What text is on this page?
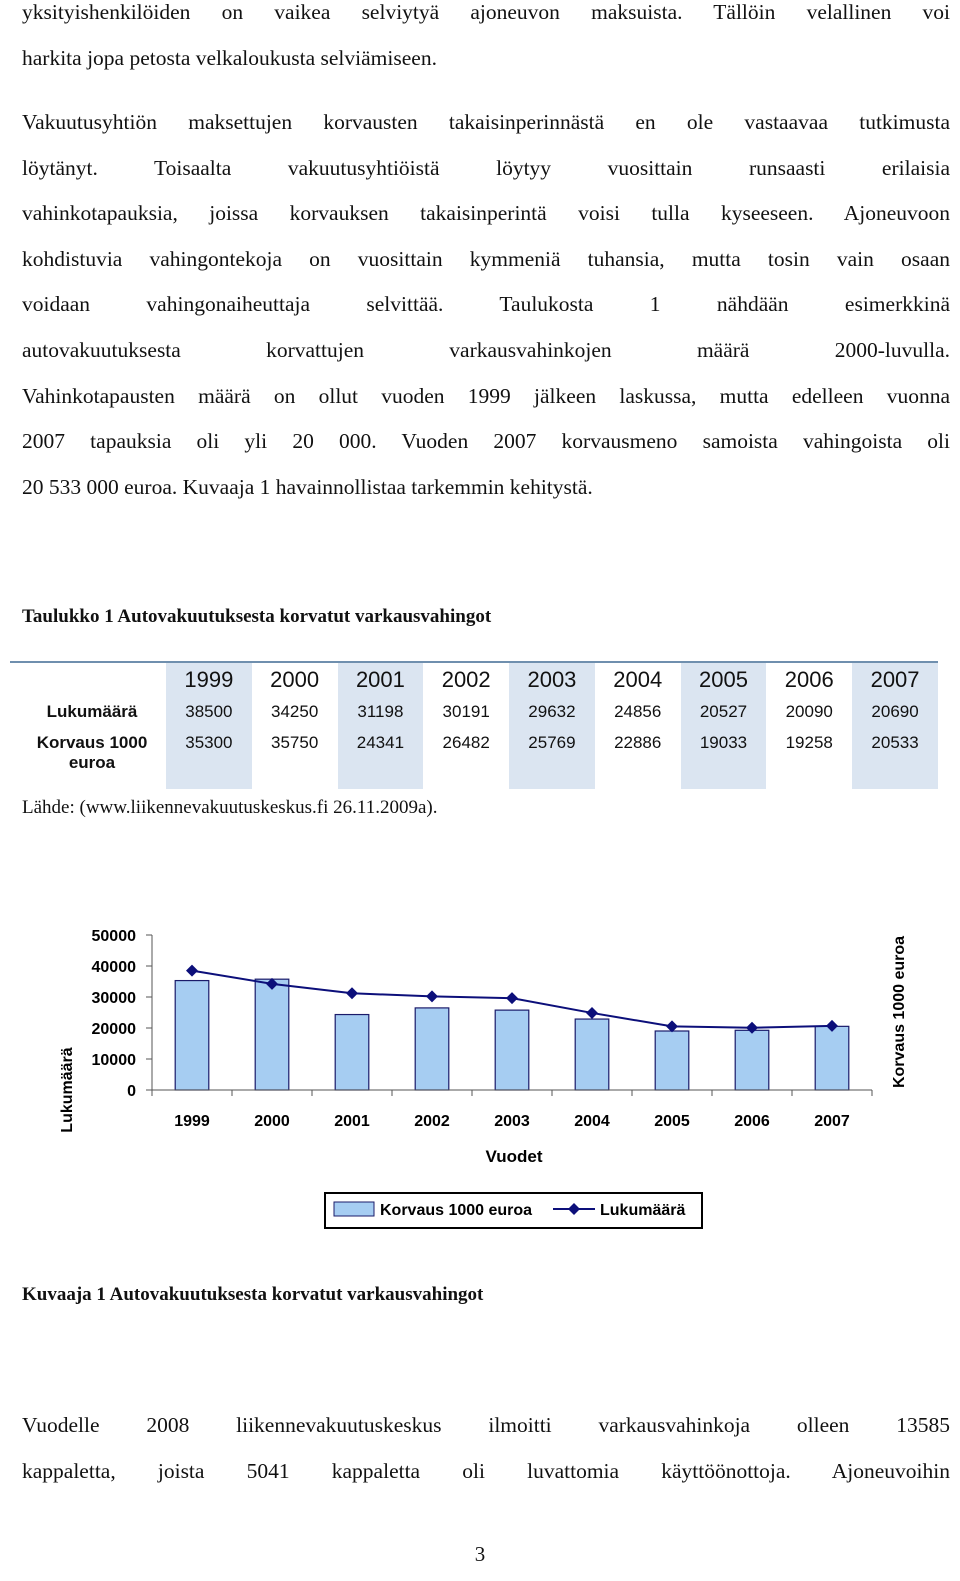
yksityishenkilöiden on vaikea selviytyä ajoneuvon maksuista. Tällöin velallinen voi
harkita jopa petosta velkaloukusta selviämiseen.
Vakuutusyhtiön maksettujen korvausten takaisinperinnästä en ole vastaavaa tutkimusta
löytänyt. Toisaalta vakuutusyhtiöistä löytyy vuosittain runsaasti erilaisia
vahinkotapauksia, joissa korvauksen takaisinperintä voisi tulla kyseeseen. Ajoneuvoon
kohdistuvia vahingontekoja on vuosittain kymmeniä tuhansia, mutta tosin vain osaan
voidaan vahingonaiheuttaja selvittää. Taulukosta 1 nähdään esimerkkinä
autovakuutuksesta korvattujen varkausvahinkojen määrä 2000-luvulla.
Vahinkotapausten määrä on ollut vuoden 1999 jälkeen laskussa, mutta edelleen vuonna
2007 tapauksia oli yli 20 000. Vuoden 2007 korvausmeno samoista vahingoista oli
20 533 000 euroa. Kuvaaja 1 havainnollistaa tarkemmin kehitystä.
Taulukko 1 Autovakuutuksesta korvatut varkausvahingot
	1999	2000	2001	2002	2003	2004	2005	2006	2007
Lukumäärä	38500	34250	31198	30191	29632	24856	20527	20090	20690
Korvaus 1000 euroa	35300	35750	24341	26482	25769	22886	19033	19258	20533
Lähde: (www.liikennevakuutuskeskus.fi 26.11.2009a).
0
10000
20000
30000
40000
50000
1999	2000	2001	2002	2003	2004	2005	2006	2007
Lukumäärä
Korvaus 1000 euroa
Vuodet
Korvaus 1000 euroa	Lukumäärä
Kuvaaja 1 Autovakuutuksesta korvatut varkausvahingot
Vuodelle 2008 liikennevakuutuskeskus ilmoitti varkausvahinkoja olleen 13585
kappaletta, joista 5041 kappaletta oli luvattomia käyttöönottoja. Ajoneuvoihin
3
